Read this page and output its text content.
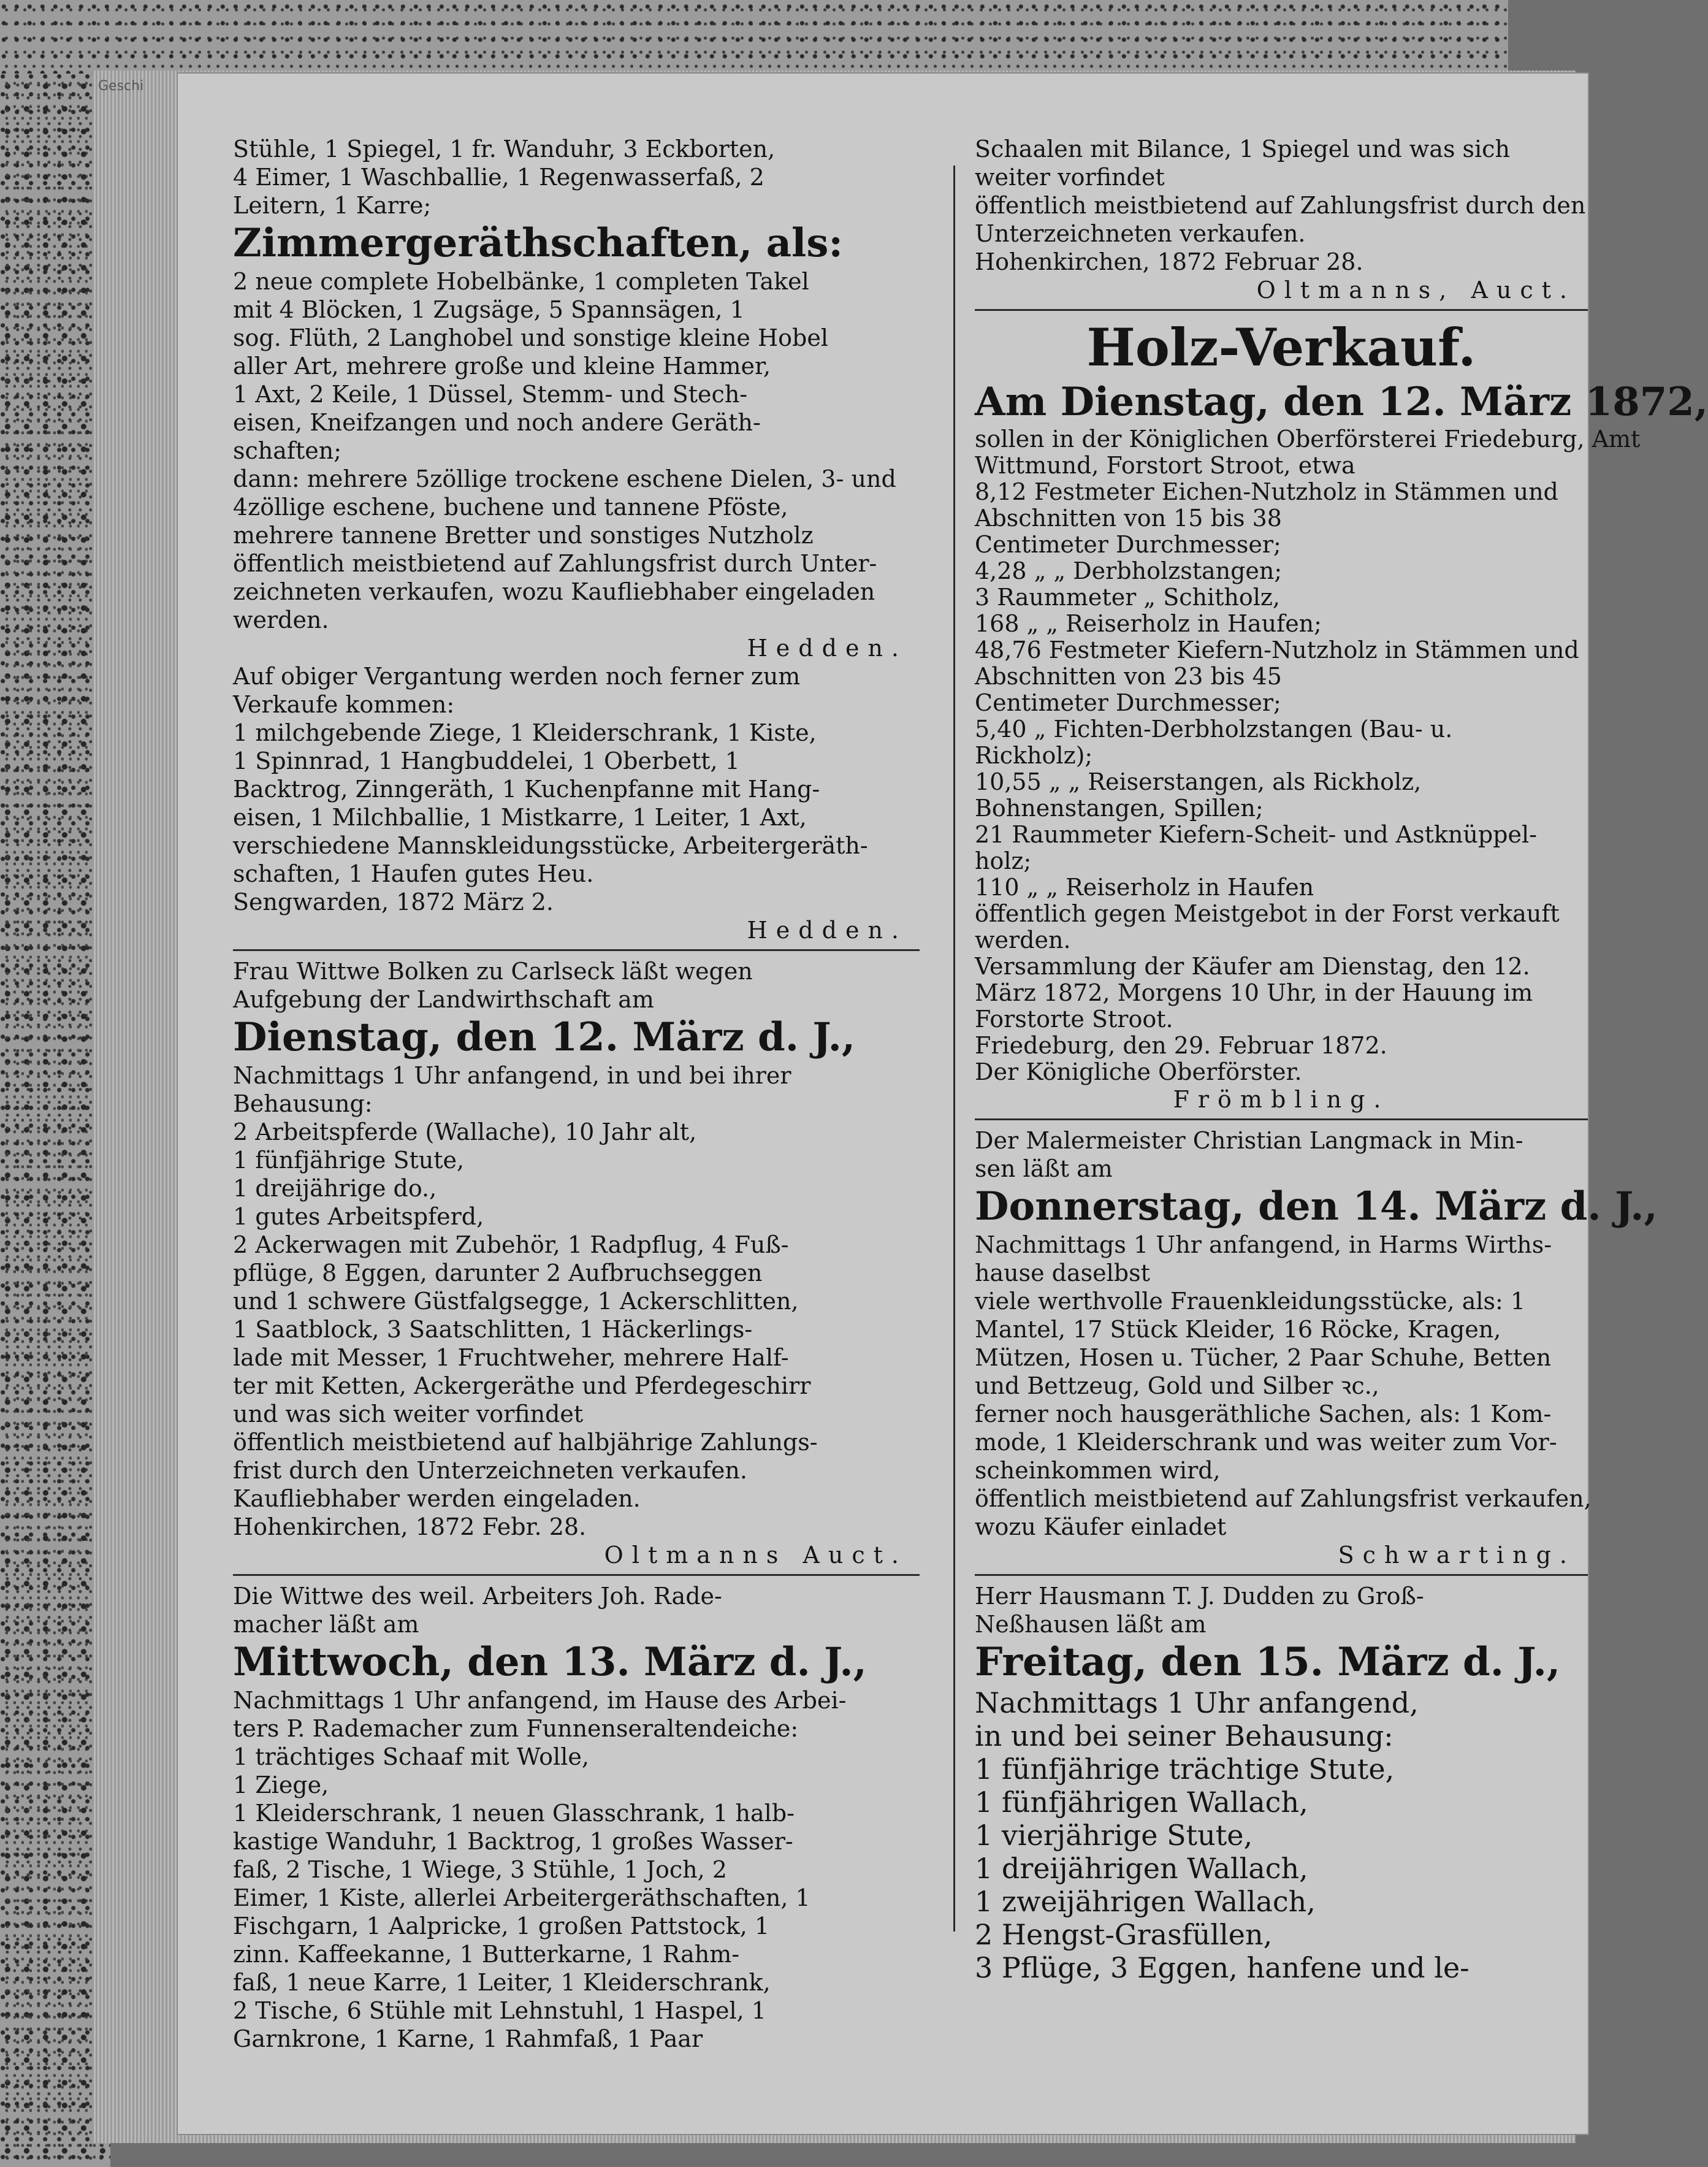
Geschi
Stühle, 1 Spiegel, 1 fr. Wanduhr, 3 Eckborten,
4 Eimer, 1 Waschballie, 1 Regenwasserfaß, 2
Leitern, 1 Karre;
Zimmergeräthschaften, als:
2 neue complete Hobelbänke, 1 completen Takel
mit 4 Blöcken, 1 Zugsäge, 5 Spannsägen, 1
sog. Flüth, 2 Langhobel und sonstige kleine Hobel
aller Art, mehrere große und kleine Hammer,
1 Axt, 2 Keile, 1 Düssel, Stemm- und Stech-
eisen, Kneifzangen und noch andere Geräth-
schaften;
dann: mehrere 5zöllige trockene eschene Dielen, 3- und
4zöllige eschene, buchene und tannene Pföste,
mehrere tannene Bretter und sonstiges Nutzholz
öffentlich meistbietend auf Zahlungsfrist durch Unter-
zeichneten verkaufen, wozu Kaufliebhaber eingeladen
werden.
Hedden.
Auf obiger Vergantung werden noch ferner zum
Verkaufe kommen:
1 milchgebende Ziege, 1 Kleiderschrank, 1 Kiste,
1 Spinnrad, 1 Hangbuddelei, 1 Oberbett, 1
Backtrog, Zinngeräth, 1 Kuchenpfanne mit Hang-
eisen, 1 Milchballie, 1 Mistkarre, 1 Leiter, 1 Axt,
verschiedene Mannskleidungsstücke, Arbeitergeräth-
schaften, 1 Haufen gutes Heu.
Sengwarden, 1872 März 2.
Hedden.
Frau Wittwe Bolken zu Carlseck läßt wegen
Aufgebung der Landwirthschaft am
Dienstag, den 12. März d. J.,
Nachmittags 1 Uhr anfangend, in und bei ihrer
Behausung:
2 Arbeitspferde (Wallache), 10 Jahr alt,
1 fünfjährige Stute,
1 dreijährige do.,
1 gutes Arbeitspferd,
2 Ackerwagen mit Zubehör, 1 Radpflug, 4 Fuß-
pflüge, 8 Eggen, darunter 2 Aufbruchseggen
und 1 schwere Güstfalgsegge, 1 Ackerschlitten,
1 Saatblock, 3 Saatschlitten, 1 Häckerlings-
lade mit Messer, 1 Fruchtweher, mehrere Half-
ter mit Ketten, Ackergeräthe und Pferdegeschirr
und was sich weiter vorfindet
öffentlich meistbietend auf halbjährige Zahlungs-
frist durch den Unterzeichneten verkaufen.
Kaufliebhaber werden eingeladen.
Hohenkirchen, 1872 Febr. 28.
Oltmanns Auct.
Die Wittwe des weil. Arbeiters Joh. Rade-
macher läßt am
Mittwoch, den 13. März d. J.,
Nachmittags 1 Uhr anfangend, im Hause des Arbei-
ters P. Rademacher zum Funnenseraltendeiche:
1 trächtiges Schaaf mit Wolle,
1 Ziege,
1 Kleiderschrank, 1 neuen Glasschrank, 1 halb-
kastige Wanduhr, 1 Backtrog, 1 großes Wasser-
faß, 2 Tische, 1 Wiege, 3 Stühle, 1 Joch, 2
Eimer, 1 Kiste, allerlei Arbeitergeräthschaften, 1
Fischgarn, 1 Aalpricke, 1 großen Pattstock, 1
zinn. Kaffeekanne, 1 Butterkarne, 1 Rahm-
faß, 1 neue Karre, 1 Leiter, 1 Kleiderschrank,
2 Tische, 6 Stühle mit Lehnstuhl, 1 Haspel, 1
Garnkrone, 1 Karne, 1 Rahmfaß, 1 Paar
Schaalen mit Bilance, 1 Spiegel und was sich
weiter vorfindet
öffentlich meistbietend auf Zahlungsfrist durch den
Unterzeichneten verkaufen.
Hohenkirchen, 1872 Februar 28.
Oltmanns, Auct.
Holz-Verkauf.
Am Dienstag, den 12. März 1872,
sollen in der Königlichen Oberförsterei Friedeburg, Amt
Wittmund, Forstort Stroot, etwa
8,12 Festmeter Eichen-Nutzholz in Stämmen und
Abschnitten von 15 bis 38
Centimeter Durchmesser;
4,28 „ „ Derbholzstangen;
3 Raummeter „ Schitholz,
168 „ „ Reiserholz in Haufen;
48,76 Festmeter Kiefern-Nutzholz in Stämmen und
Abschnitten von 23 bis 45
Centimeter Durchmesser;
5,40 „ Fichten-Derbholzstangen (Bau- u.
Rickholz);
10,55 „ „ Reiserstangen, als Rickholz,
Bohnenstangen, Spillen;
21 Raummeter Kiefern-Scheit- und Astknüppel-
holz;
110 „ „ Reiserholz in Haufen
öffentlich gegen Meistgebot in der Forst verkauft
werden.
Versammlung der Käufer am Dienstag, den 12.
März 1872, Morgens 10 Uhr, in der Hauung im
Forstorte Stroot.
Friedeburg, den 29. Februar 1872.
Der Königliche Oberförster.
Frömbling.
Der Malermeister Christian Langmack in Min-
sen läßt am
Donnerstag, den 14. März d. J.,
Nachmittags 1 Uhr anfangend, in Harms Wirths-
hause daselbst
viele werthvolle Frauenkleidungsstücke, als: 1
Mantel, 17 Stück Kleider, 16 Röcke, Kragen,
Mützen, Hosen u. Tücher, 2 Paar Schuhe, Betten
und Bettzeug, Gold und Silber ꝛc.,
ferner noch hausgeräthliche Sachen, als: 1 Kom-
mode, 1 Kleiderschrank und was weiter zum Vor-
scheinkommen wird,
öffentlich meistbietend auf Zahlungsfrist verkaufen,
wozu Käufer einladet
Schwarting.
Herr Hausmann T. J. Dudden zu Groß-
Neßhausen läßt am
Freitag, den 15. März d. J.,
Nachmittags 1 Uhr anfangend,
in und bei seiner Behausung:
1 fünfjährige trächtige Stute,
1 fünfjährigen Wallach,
1 vierjährige Stute,
1 dreijährigen Wallach,
1 zweijährigen Wallach,
2 Hengst-Grasfüllen,
3 Pflüge, 3 Eggen, hanfene und le-
